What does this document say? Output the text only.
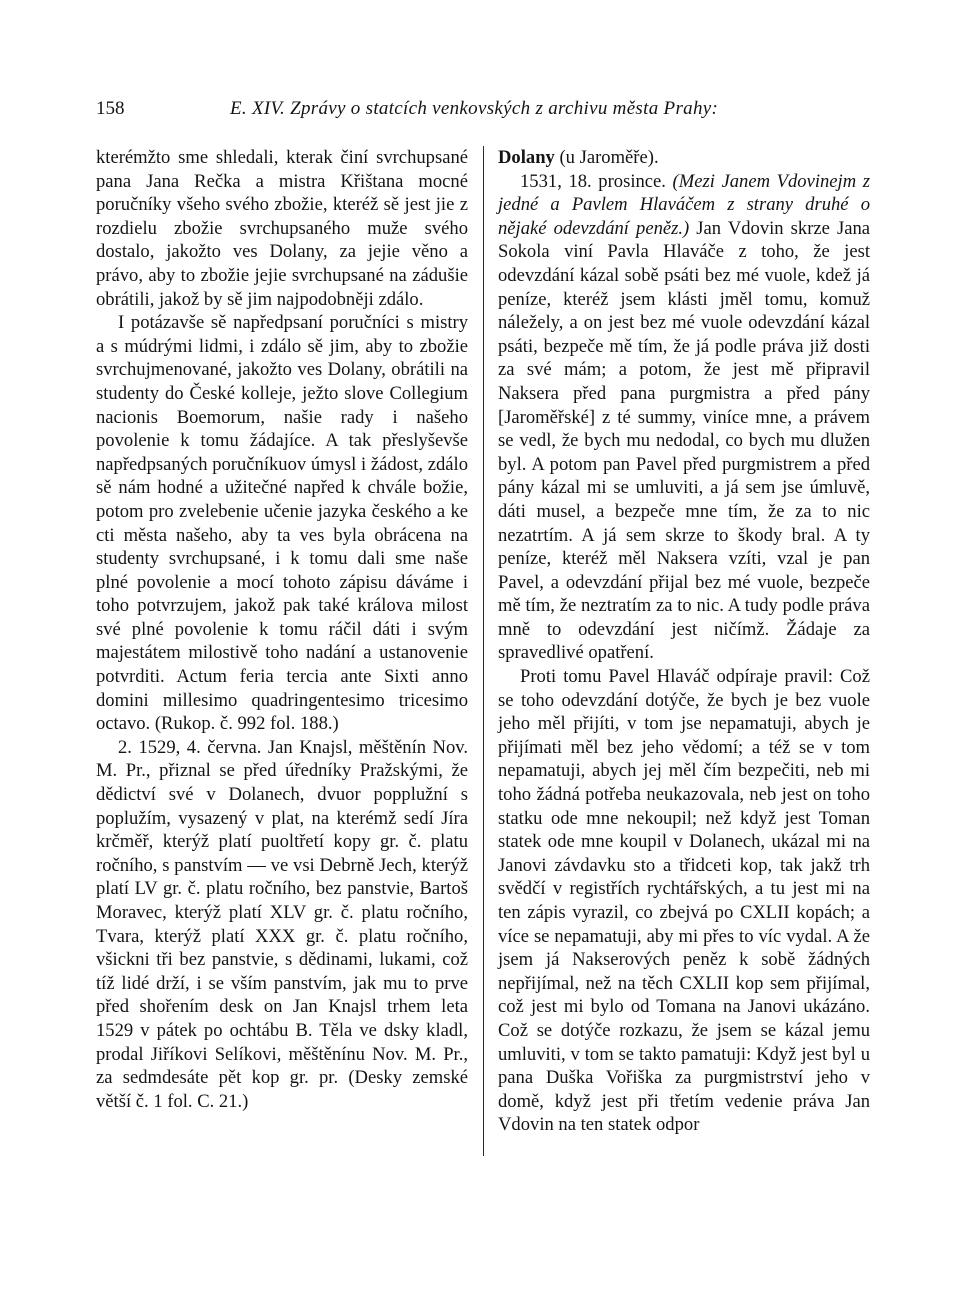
158	E. XIV. Zprávy o statcích venkovských z archivu města Prahy:

kterémžto sme shledali, kterak činí svrchupsané pana Jana Rečka a mistra Křištana mocné poručníky všeho svého zbožie, kteréž sě jest jie z rozdielu zbožie svrchupsaného muže svého dostalo, jakožto ves Dolany, za jejie věno a právo, aby to zbožie jejie svrchupsané na zádušie obrátili, jakož by sě jim najpodobněji zdálo.

I potázavše sě napředpsaní poručníci s mistry a s múdrými lidmi, i zdálo sě jim, aby to zbožie svrchujmenované, jakožto ves Dolany, obrátili na studenty do České kolleje, ježto slove Collegium nacionis Boemorum, našie rady i našeho povolenie k tomu žádajíce. A tak přeslyševše napředpsaných poručníkuov úmysl i žádost, zdálo sě nám hodné a užitečné napřed k chvále božie, potom pro zvelebenie učenie jazyka českého a ke cti města našeho, aby ta ves byla obrácena na studenty svrchupsané, i k tomu dali sme naše plné povolenie a mocí tohoto zápisu dáváme i toho potvrzujem, jakož pak také králova milost své plné povolenie k tomu ráčil dáti i svým majestátem milostivě toho nadání a ustanovenie potvrditi. Actum feria tercia ante Sixti anno domini millesimo quadringentesimo tricesimo octavo. (Rukop. č. 992 fol. 188.)

2. 1529, 4. června. Jan Knajsl, měštěnín Nov. M. Pr., přiznal se před úředníky Pražskými, že dědictví své v Dolanech, dvuor popplužní s poplužím, vysazený v plat, na kterémž sedí Jíra krčměř, kterýž platí puoltřetí kopy gr. č. platu ročního, s panstvím — ve vsi Debrně Jech, kterýž platí LV gr. č. platu ročního, bez panstvie, Bartoš Moravec, kterýž platí XLV gr. č. platu ročního, Tvara, kterýž platí XXX gr. č. platu ročního, všickni tři bez panstvie, s dědinami, lukami, což tíž lidé drží, i se vším panstvím, jak mu to prve před shořením desk on Jan Knajsl trhem leta 1529 v pátek po ochtábu B. Těla ve dsky kladl, prodal Jiříkovi Selíkovi, měštěnínu Nov. M. Pr., za sedmdesáte pět kop gr. pr. (Desky zemské větší č. 1 fol. C. 21.)

Dolany (u Jaroměře).

1531, 18. prosince. (Mezi Janem Vdovinejm z jedné a Pavlem Hlaváčem z strany druhé o nějaké odevzdání peněz.) Jan Vdovin skrze Jana Sokola viní Pavla Hlaváče z toho, že jest odevzdání kázal sobě psáti bez mé vuole, kdež já peníze, kteréž jsem klásti jměl tomu, komuž náležely, a on jest bez mé vuole odevzdání kázal psáti, bezpeče mě tím, že já podle práva již dosti za své mám; a potom, že jest mě připravil Naksera před pana purgmistra a před pány [Jaroměřské] z té summy, viníce mne, a právem se vedl, že bych mu nedodal, co bych mu dlužen byl. A potom pan Pavel před purgmistrem a před pány kázal mi se umluviti, a já sem jse úmluvě, dáti musel, a bezpeče mne tím, že za to nic nezatrtím. A já sem skrze to škody bral. A ty peníze, kteréž měl Naksera vzíti, vzal je pan Pavel, a odevzdání přijal bez mé vuole, bezpeče mě tím, že neztratím za to nic. A tudy podle práva mně to odevzdání jest ničímž. Žádaje za spravedlivé opatření.

Proti tomu Pavel Hlaváč odpíraje pravil: Což se toho odevzdání dotýče, že bych je bez vuole jeho měl přijíti, v tom jse nepamatuji, abych je přijímati měl bez jeho vědomí; a též se v tom nepamatuji, abych jej měl čím bezpečiti, neb mi toho žádná potřeba neukazovala, neb jest on toho statku ode mne nekoupil; než když jest Toman statek ode mne koupil v Dolanech, ukázal mi na Janovi závdavku sto a třidceti kop, tak jakž trh svědčí v registřích rychtářských, a tu jest mi na ten zápis vyrazil, co zbejvá po CXLII kopách; a více se nepamatuji, aby mi přes to víc vydal. A že jsem já Nakserových peněz k sobě žádných nepřijímal, než na těch CXLII kop sem přijímal, což jest mi bylo od Tomana na Janovi ukázáno. Což se dotýče rozkazu, že jsem se kázal jemu umluviti, v tom se takto pamatuji: Když jest byl u pana Duška Vořiška za purgmistrství jeho v domě, když jest při třetím vedenie práva Jan Vdovin na ten statek odpor
